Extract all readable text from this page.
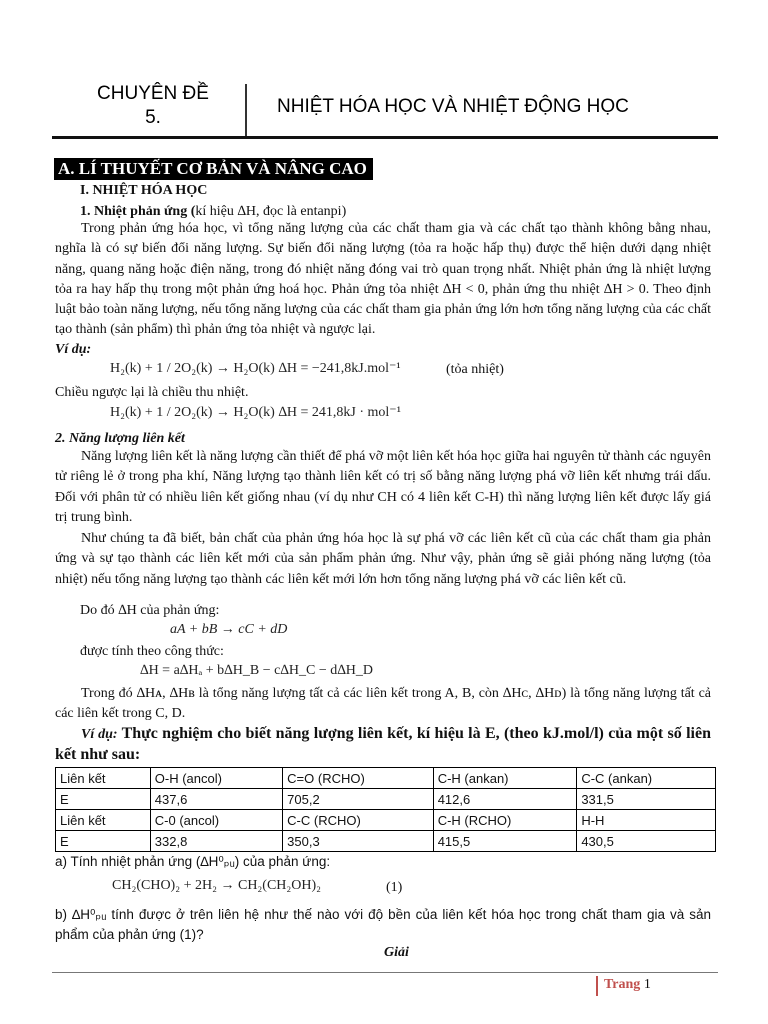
CHUYÊN ĐỀ
5.
NHIỆT HÓA HỌC VÀ NHIỆT ĐỘNG HỌC
A. LÍ THUYẾT CƠ BẢN VÀ NÂNG CAO
I. NHIỆT HÓA HỌC
1. Nhiệt phản ứng (kí hiệu ∆H, đọc là entanpi)
Trong phản ứng hóa học, vì tổng năng lượng của các chất tham gia và các chất tạo thành không bằng nhau, nghĩa là có sự biến đổi năng lượng. Sự biến đổi năng lượng (tỏa ra hoặc hấp thụ) được thể hiện dưới dạng nhiệt năng, quang năng hoặc điện năng, trong đó nhiệt năng đóng vai trò quan trọng nhất. Nhiệt phản ứng là nhiệt lượng tỏa ra hay hấp thụ trong một phản ứng hoá học. Phản ứng tỏa nhiệt ∆H < 0, phản ứng thu nhiệt ∆H > 0. Theo định luật bảo toàn năng lượng, nếu tổng năng lượng của các chất tham gia phản ứng lớn hơn tổng năng lượng của các chất tạo thành (sản phẩm) thì phản ứng tỏa nhiệt và ngược lại.
Ví dụ:
H₂(k) + 1 / 2O₂(k) → H₂O(k) ∆H = −241,8kJ.mol⁻¹	(tỏa nhiệt)
Chiều ngược lại là chiều thu nhiệt.
H₂(k) + 1 / 2O₂(k) → H₂O(k) ∆H = 241,8kJ · mol⁻¹
2. Năng lượng liên kết
Năng lượng liên kết là năng lượng cần thiết để phá vỡ một liên kết hóa học giữa hai nguyên tử thành các nguyên tử riêng lẻ ở trong pha khí, Năng lượng tạo thành liên kết có trị số bằng năng lượng phá vỡ liên kết nhưng trái dấu. Đối với phân tử có nhiều liên kết giống nhau (ví dụ như CH có 4 liên kết C-H) thì năng lượng liên kết được lấy giá trị trung bình.
Như chúng ta đã biết, bản chất của phản ứng hóa học là sự phá vỡ các liên kết cũ của các chất tham gia phản ứng và sự tạo thành các liên kết mới của sản phẩm phản ứng. Như vậy, phản ứng sẽ giải phóng năng lượng (tỏa nhiệt) nếu tổng năng lượng tạo thành các liên kết mới lớn hơn tổng năng lượng phá vỡ các liên kết cũ.
Do đó ∆H của phản ứng:
aA + bB → cC + dD
được tính theo công thức:
∆H = a∆Hₐ + b∆H_B − c∆H_C − d∆H_D
Trong đó ∆Hᴀ, ∆Hʙ là tổng năng lượng tất cả các liên kết trong A, B, còn ∆Hᴄ, ∆Hᴅ) là tổng năng lượng tất cả các liên kết trong C, D.
Ví dụ: Thực nghiệm cho biết năng lượng liên kết, kí hiệu là E, (theo kJ.mol/l) của một số liên kết như sau:
Liên kết	O-H (ancol)	C=O (RCHO)	C-H (ankan)	C-C (ankan)
E	437,6	705,2	412,6	331,5
Liên kết	C-0 (ancol)	C-C (RCHO)	C-H (RCHO)	H-H
E	332,8	350,3	415,5	430,5
a) Tính nhiệt phản ứng (∆H⁰ₚᵤ) của phản ứng:
CH₂(CHO)₂ + 2H₂ → CH₂(CH₂OH)₂	(1)
b) ∆H⁰ₚᵤ tính được ở trên liên hệ như thế nào với độ bền của liên kết hóa học trong chất tham gia và sản phẩm của phản ứng (1)?
Giải
Trang 1
